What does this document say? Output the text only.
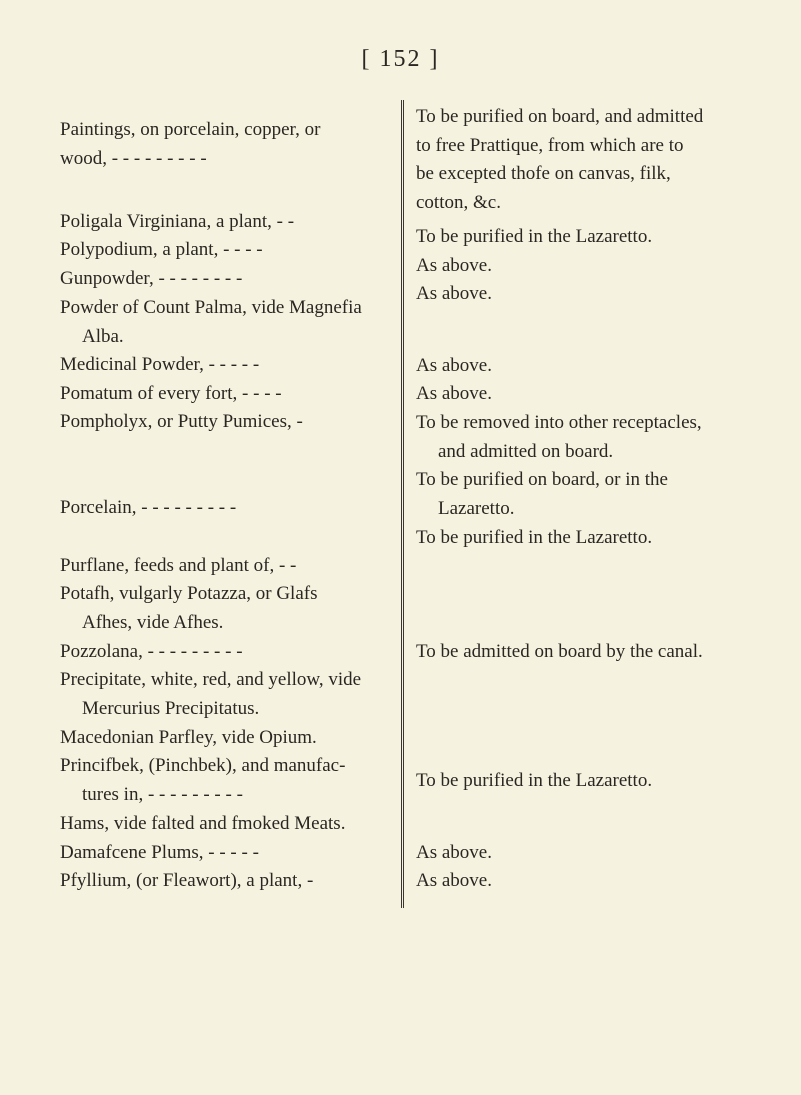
[ 152 ]
Paintings, on porcelain, copper, or
wood, - - - - - - - - -
Poligala Virginiana, a plant, - -
Polypodium, a plant, - - - -
Gunpowder, - - - - - - - -
Powder of Count Palma, vide Magnefia
Alba.
Medicinal Powder, - - - - -
Pomatum of every fort, - - - -
Pompholyx, or Putty Pumices, -
Porcelain, - - - - - - - - -
Purflane, feeds and plant of, - -
Potafh, vulgarly Potazza, or Glafs
Afhes, vide Afhes.
Pozzolana, - - - - - - - - -
Precipitate, white, red, and yellow, vide
Mercurius Precipitatus.
Macedonian Parfley, vide Opium.
Princifbek, (Pinchbek), and manufac-
tures in, - - - - - - - - -
Hams, vide falted and fmoked Meats.
Damafcene Plums, - - - - -
Pfyllium, (or Fleawort), a plant, -
To be purified on board, and admitted
to free Prattique, from which are to
be excepted thofe on canvas, filk,
cotton, &c.
To be purified in the Lazaretto.
As above.
As above.
As above.
As above.
To be removed into other receptacles,
and admitted on board.
To be purified on board, or in the
Lazaretto.
To be purified in the Lazaretto.
To be admitted on board by the canal.
To be purified in the Lazaretto.
As above.
As above.
